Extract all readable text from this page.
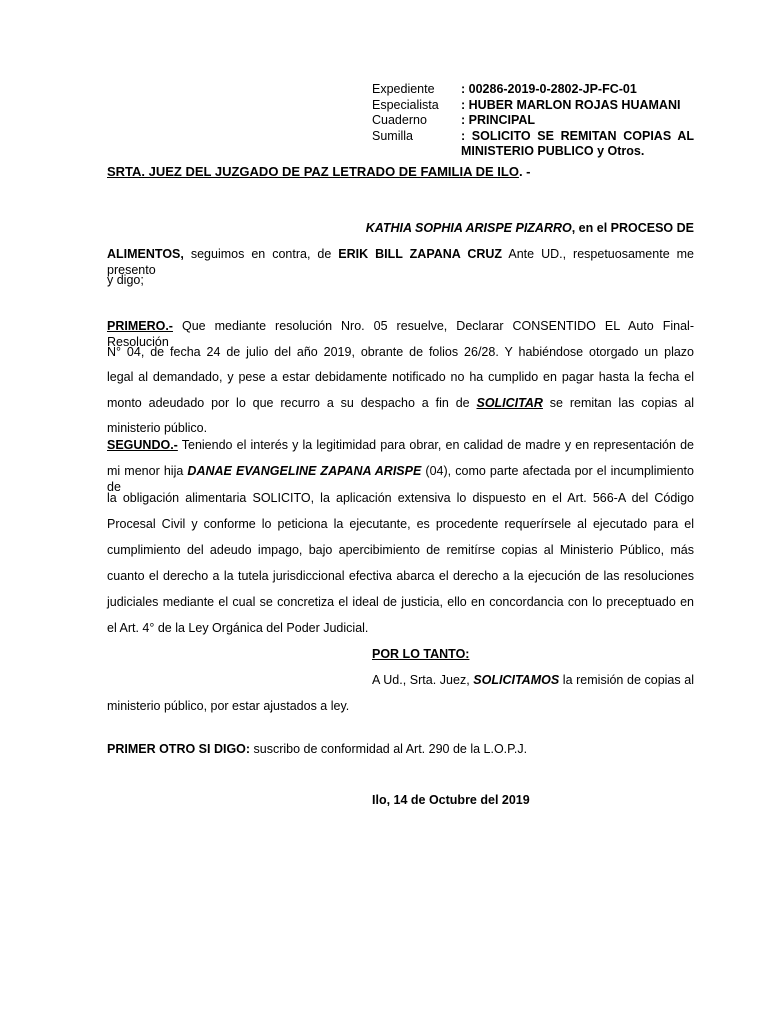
Expediente	: 00286-2019-0-2802-JP-FC-01
Especialista	: HUBER MARLON ROJAS HUAMANI
Cuaderno	: PRINCIPAL
Sumilla	: SOLICITO SE REMITAN COPIAS AL
MINISTERIO PUBLICO y Otros.
SRTA. JUEZ DEL JUZGADO DE PAZ LETRADO DE FAMILIA DE ILO. -
KATHIA SOPHIA ARISPE PIZARRO, en el PROCESO DE
ALIMENTOS, seguimos en contra, de ERIK BILL ZAPANA CRUZ Ante UD., respetuosamente me presento
y digo;
PRIMERO.- Que mediante resolución Nro. 05 resuelve, Declarar CONSENTIDO EL Auto Final- Resolución
N° 04, de fecha 24 de julio del año 2019, obrante de folios 26/28. Y habiéndose otorgado un plazo
legal al demandado, y pese a estar debidamente notificado no ha cumplido en pagar hasta la fecha el
monto adeudado por lo que recurro a su despacho a fin de SOLICITAR se remitan las copias al
ministerio público.
SEGUNDO.- Teniendo el interés y la legitimidad para obrar, en calidad de madre y en representación de
mi menor hija DANAE EVANGELINE ZAPANA ARISPE (04), como parte afectada por el incumplimiento de
la obligación alimentaria SOLICITO, la aplicación extensiva lo dispuesto en el Art. 566-A del Código
Procesal Civil y conforme lo peticiona la ejecutante, es procedente requerírsele al ejecutado para el
cumplimiento del adeudo impago, bajo apercibimiento de remitírse copias al Ministerio Público, más
cuanto el derecho a la tutela jurisdiccional efectiva abarca el derecho a la ejecución de las resoluciones
judiciales mediante el cual se concretiza el ideal de justicia, ello en concordancia con lo preceptuado en
el Art. 4° de la Ley Orgánica del Poder Judicial.
POR LO TANTO:
A Ud., Srta. Juez, SOLICITAMOS la remisión de copias al
ministerio público, por estar ajustados a ley.
PRIMER OTRO SI DIGO: suscribo de conformidad al Art. 290 de la L.O.P.J.
Ilo, 14 de Octubre del 2019
